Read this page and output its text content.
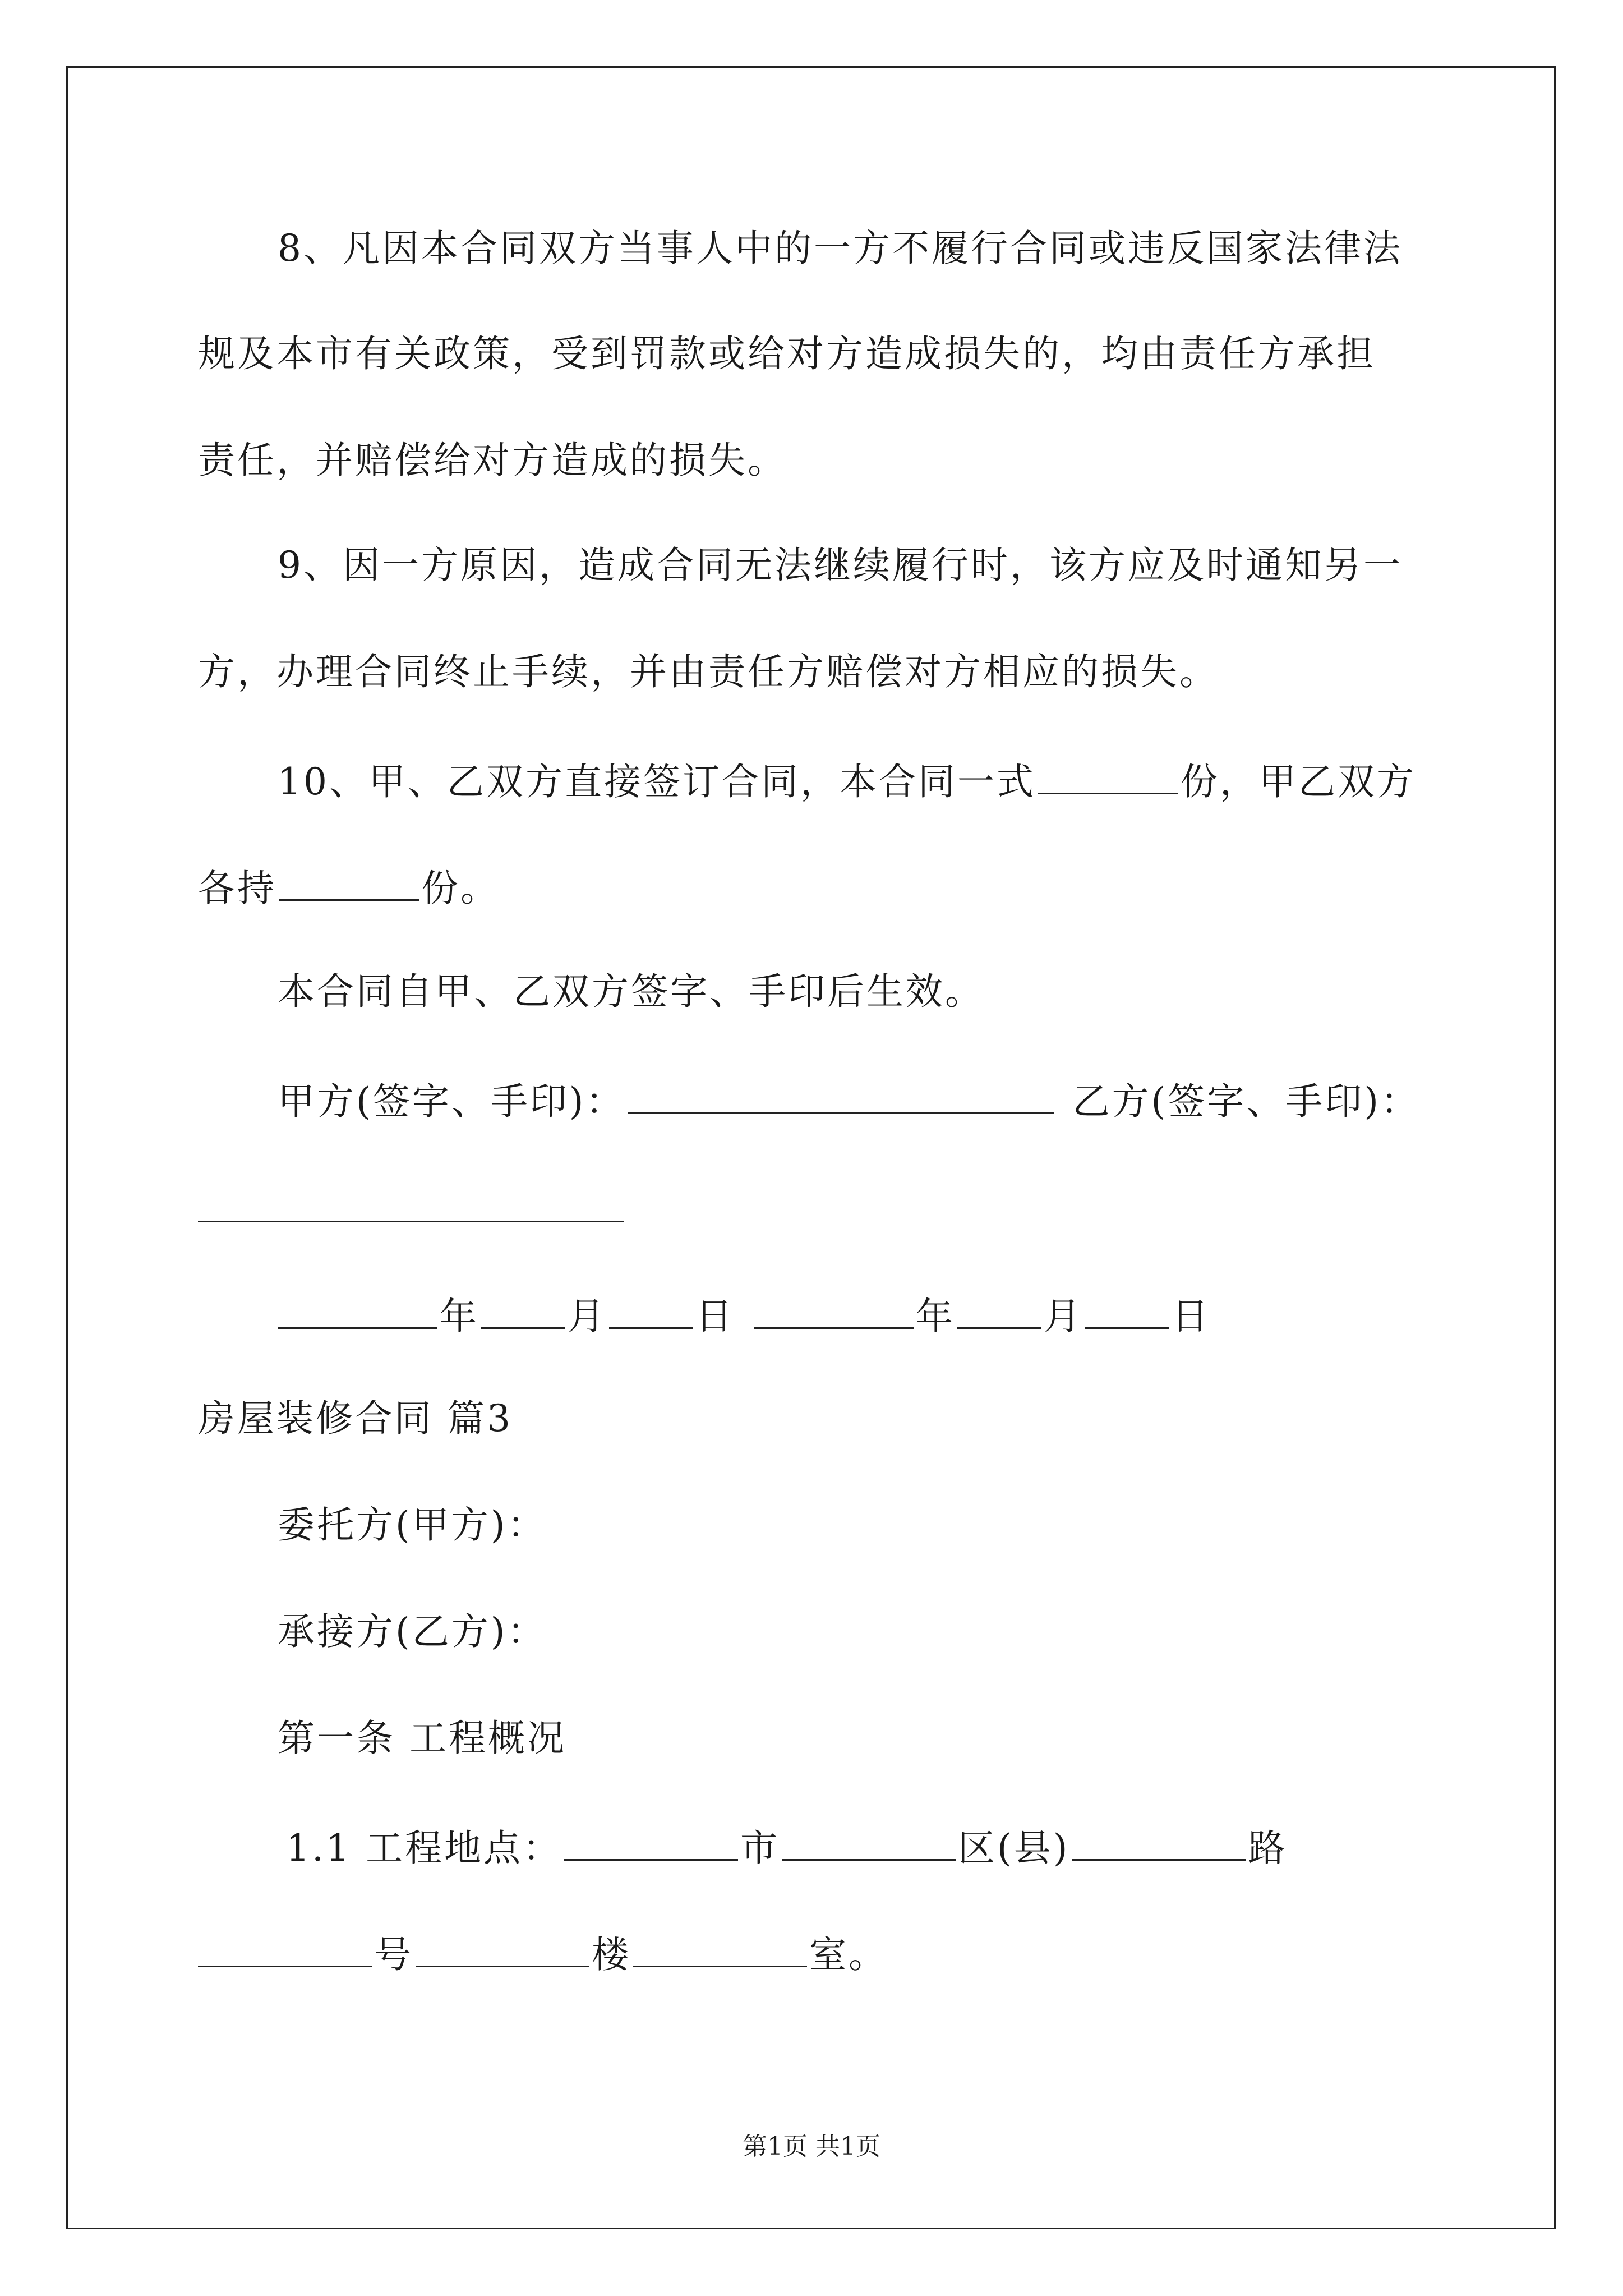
8、凡因本合同双方当事人中的一方不履行合同或违反国家法律法
规及本市有关政策，受到罚款或给对方造成损失的，均由责任方承担
责任，并赔偿给对方造成的损失。
9、因一方原因，造成合同无法继续履行时，该方应及时通知另一
方，办理合同终止手续，并由责任方赔偿对方相应的损失。
10、甲、乙双方直接签订合同，本合同一式	份，甲乙双方
各持	份。
本合同自甲、乙双方签字、手印后生效。
甲方(签字、手印)：	乙方(签字、手印)：
年 月 日	年 月 日
房屋装修合同 篇3
委托方(甲方)：
承接方(乙方)：
第一条 工程概况
1.1 工程地点：	市	区(县)	路
号	楼	室。
第1页 共1页
